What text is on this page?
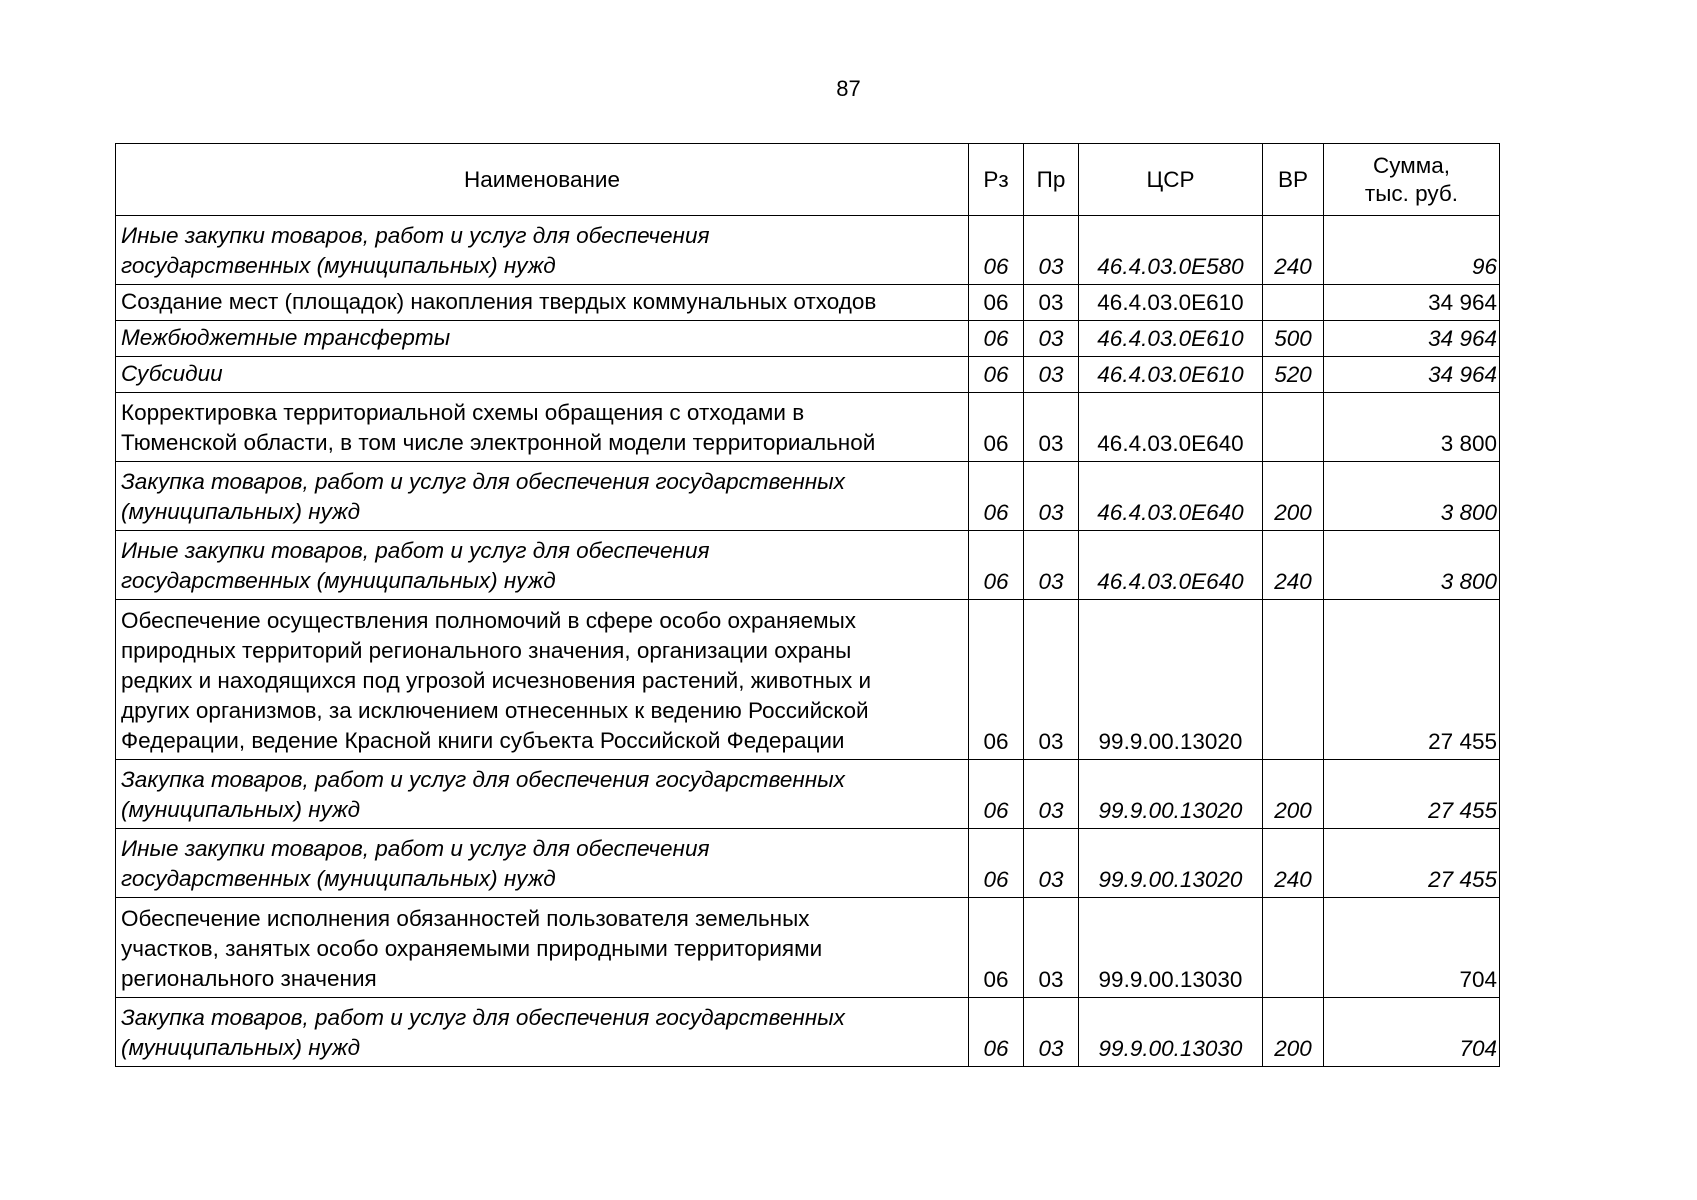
87
Наименование	Рз	Пр	ЦСР	ВР	Сумма,
тыс. руб.

Иные закупки товаров, работ и услуг для обеспечения
государственных (муниципальных) нужд	06	03	46.4.03.0Е580	240	96

Создание мест (площадок) накопления твердых коммунальных отходов	06	03	46.4.03.0Е610		34 964

Межбюджетные трансферты	06	03	46.4.03.0Е610	500	34 964

Субсидии	06	03	46.4.03.0Е610	520	34 964

Корректировка территориальной схемы обращения с отходами в
Тюменской области, в том числе электронной модели территориальной	06	03	46.4.03.0Е640		3 800

Закупка товаров, работ и услуг для обеспечения государственных
(муниципальных) нужд	06	03	46.4.03.0Е640	200	3 800

Иные закупки товаров, работ и услуг для обеспечения
государственных (муниципальных) нужд	06	03	46.4.03.0Е640	240	3 800

Обеспечение осуществления полномочий в сфере особо охраняемых
природных территорий регионального значения, организации охраны
редких и находящихся под угрозой исчезновения растений, животных и
других организмов, за исключением отнесенных к ведению Российской
Федерации, ведение Красной книги субъекта Российской Федерации	06	03	99.9.00.13020		27 455

Закупка товаров, работ и услуг для обеспечения государственных
(муниципальных) нужд	06	03	99.9.00.13020	200	27 455

Иные закупки товаров, работ и услуг для обеспечения
государственных (муниципальных) нужд	06	03	99.9.00.13020	240	27 455

Обеспечение исполнения обязанностей пользователя земельных
участков, занятых особо охраняемыми природными территориями
регионального значения	06	03	99.9.00.13030		704

Закупка товаров, работ и услуг для обеспечения государственных
(муниципальных) нужд	06	03	99.9.00.13030	200	704
